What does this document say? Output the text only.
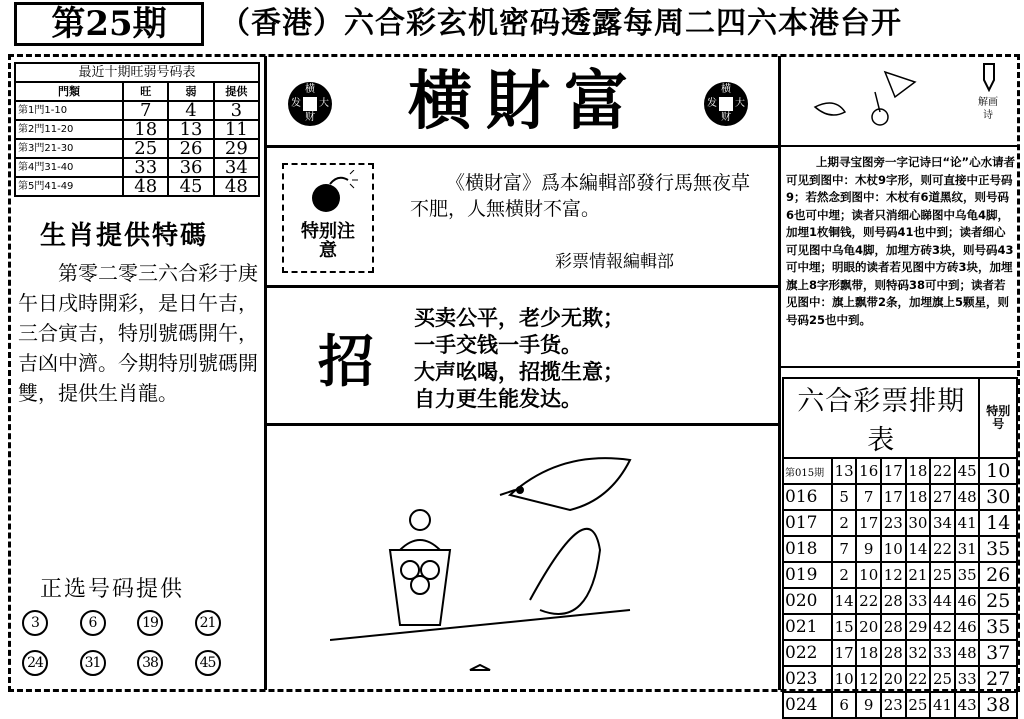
第25期	（香港）六合彩玄机密码透露每周二四六本港台开
最近十期旺弱号码表			
門類	旺	弱	提供
第1門1-10	7	4	3
第2門11-20	18	13	11
第3門21-30	25	26	29
第4門31-40	33	36	34
第5門41-49	48	45	48
生肖提供特碼
第零二零三六合彩于庚午日戌時開彩，是日午吉，三合寅吉，特別號碼開午，吉凶中濟。今期特別號碼開雙，提供生肖龍。
正选号码提供
3	6	19	21
24	31	38	45
横
大
财
发
横
大
财
发
横財富
特别注意
《横財富》爲本編輯部發行馬無夜草不肥，人無横財不富。
彩票情報編輯部
招
买卖公平，老少无欺；
一手交钱一手货。
大声吆喝，招揽生意；
自力更生能发达。
解画诗
上期寻宝图旁一字记诗曰“论”心水请者可见到图中：木杖9字形，则可直接中正号码9；若然念到图中：木杖有6道黑纹，则号码6也可中埋；读者只消细心睇图中乌龟4脚，加埋1枚铜钱，则号码41也中到；读者细心可见图中乌龟4脚，加埋方砖3块，则号码43可中埋；明眼的读者若见图中方砖3块，加埋旗上8字形飘带，则特码38可中到；读者若见图中：旗上飘带2条，加埋旗上5颗星，则号码25也中到。
六合彩票排期表							特别号
第015期	13	16	17	18	22	45	10
016	5	7	17	18	27	48	30
017	2	17	23	30	34	41	14
018	7	9	10	14	22	31	35
019	2	10	12	21	25	35	26
020	14	22	28	33	44	46	25
021	15	20	28	29	42	46	35
022	17	18	28	32	33	48	37
023	10	12	20	22	25	33	27
024	6	9	23	25	41	43	38
